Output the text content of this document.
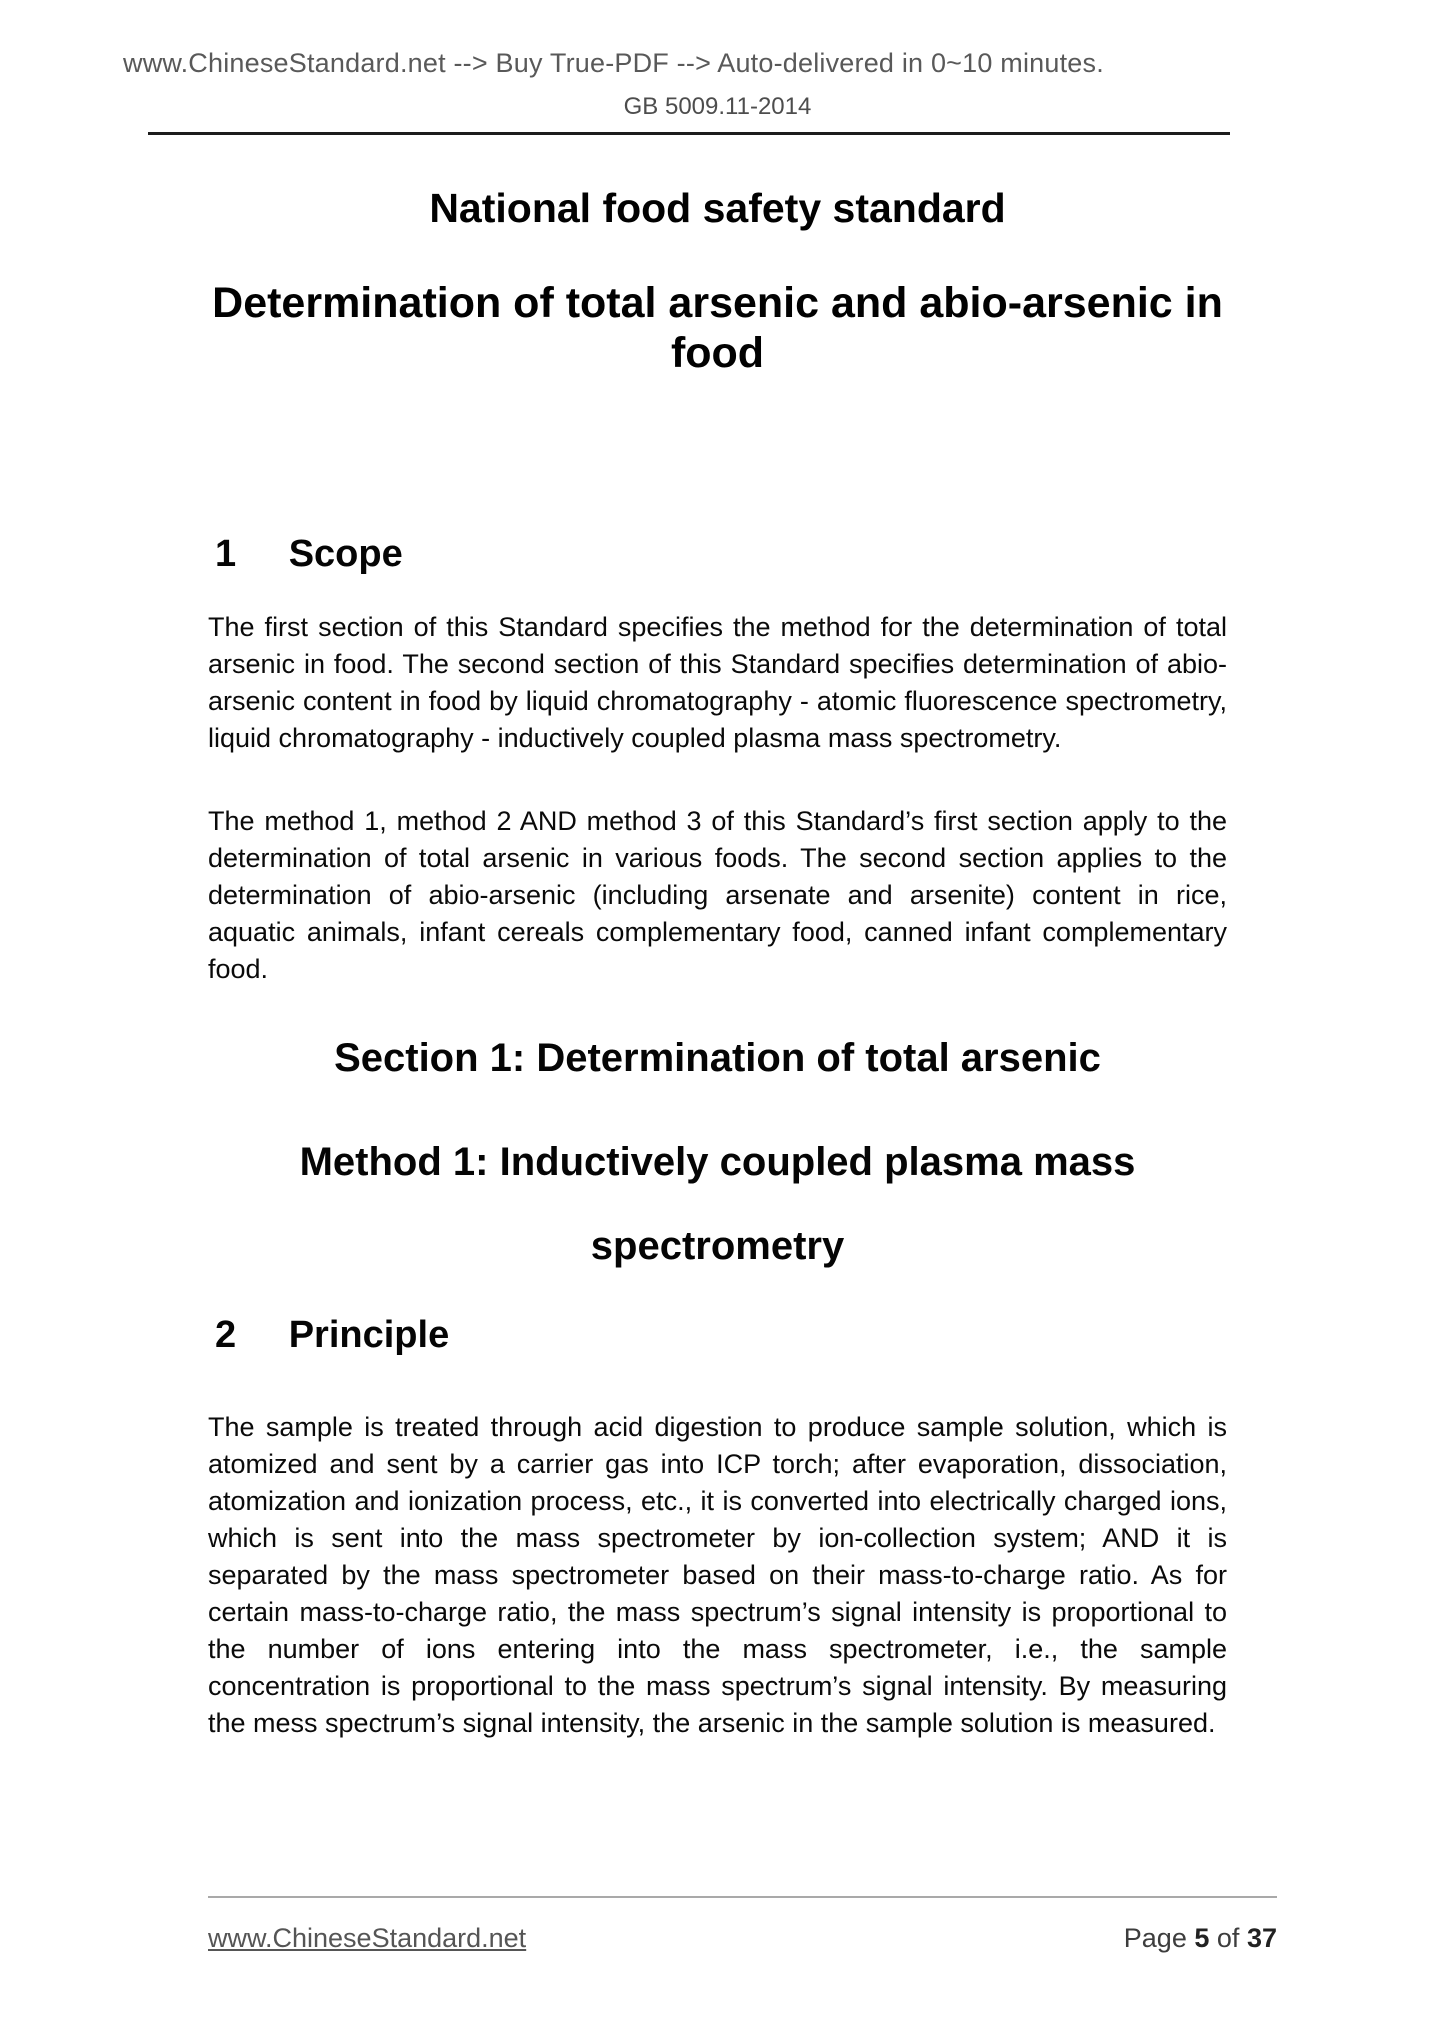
www.ChineseStandard.net --> Buy True-PDF --> Auto-delivered in 0~10 minutes.
GB 5009.11-2014
National food safety standard
Determination of total arsenic and abio-arsenic in food
1 Scope

The first section of this Standard specifies the method for the determination of total arsenic in food. The second section of this Standard specifies determination of abio-arsenic content in food by liquid chromatography - atomic fluorescence spectrometry, liquid chromatography - inductively coupled plasma mass spectrometry.

The method 1, method 2 AND method 3 of this Standard’s first section apply to the determination of total arsenic in various foods. The second section applies to the determination of abio-arsenic (including arsenate and arsenite) content in rice, aquatic animals, infant cereals complementary food, canned infant complementary food.

Section 1: Determination of total arsenic
Method 1: Inductively coupled plasma mass
spectrometry
2 Principle

The sample is treated through acid digestion to produce sample solution, which is atomized and sent by a carrier gas into ICP torch; after evaporation, dissociation, atomization and ionization process, etc., it is converted into electrically charged ions, which is sent into the mass spectrometer by ion-collection system; AND it is separated by the mass spectrometer based on their mass-to-charge ratio. As for certain mass-to-charge ratio, the mass spectrum’s signal intensity is proportional to the number of ions entering into the mass spectrometer, i.e., the sample concentration is proportional to the mass spectrum’s signal intensity. By measuring the mess spectrum’s signal intensity, the arsenic in the sample solution is measured.

www.ChineseStandard.net	Page 5 of 37
